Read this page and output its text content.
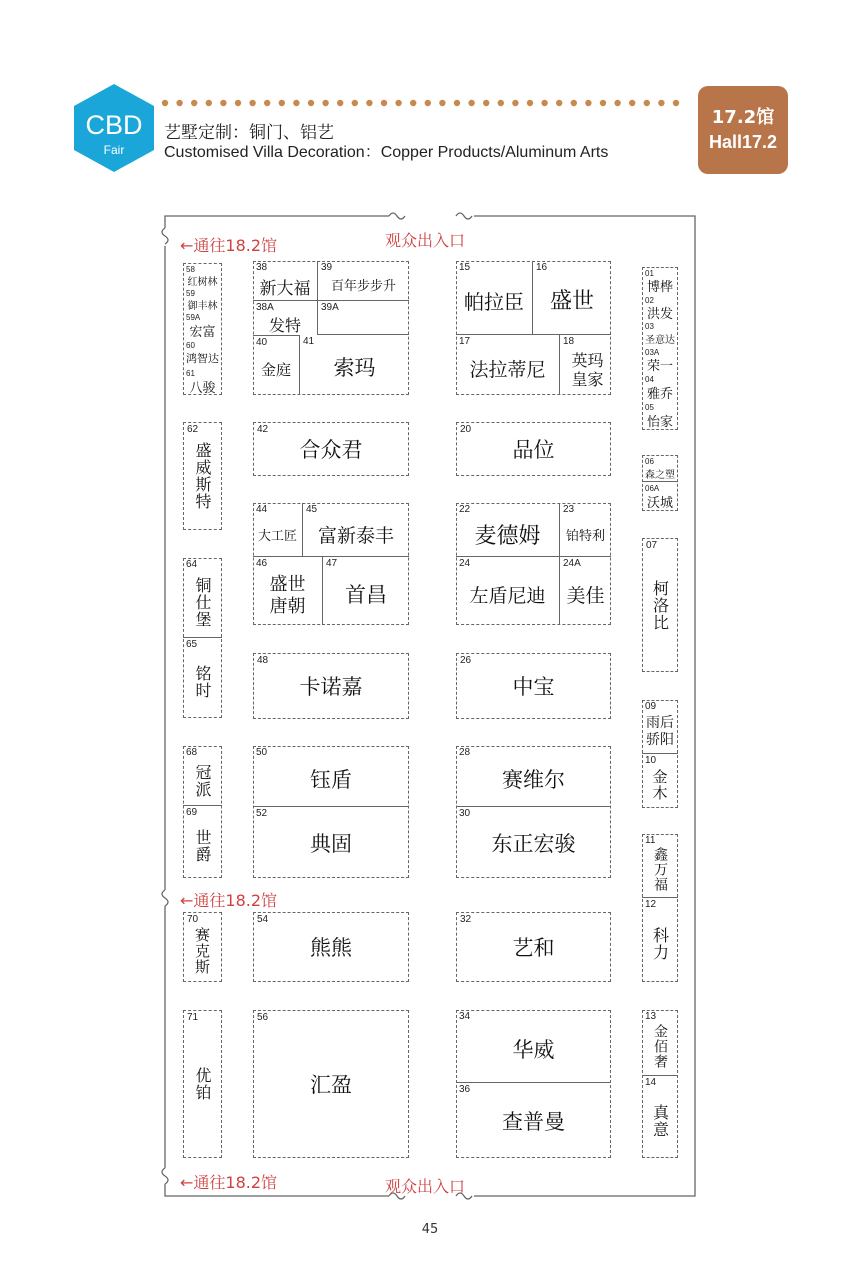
CBD
Fair
艺墅定制：铜门、铝艺
Customised Villa Decoration：Copper Products/Aluminum Arts
17.2馆
Hall17.2
观众出入口
观众出入口
←通往18.2馆
←通往18.2馆
←通往18.2馆
58
红树林
59
御丰林
59A
宏富
60
鸿智达
61
八骏
62
盛威斯特
64
铜仕堡
65
铭时
68
冠派
69
世爵
70
赛克斯
71
优铂
38
新大福
39
百年步步升
38A
发特
39A
40
金庭
41
索玛
42
合众君
44
大工匠
45
富新泰丰
46
盛世唐朝
47
首昌
48
卡诺嘉
50
钰盾
52
典固
54
熊熊
56
汇盈
15
帕拉臣
16
盛世
17
法拉蒂尼
18
英玛皇家
20
品位
22
麦德姆
23
铂特利
24
左盾尼迪
24A
美佳
26
中宝
28
赛维尔
30
东正宏骏
32
艺和
34
华威
36
查普曼
01
博桦
02
洪发
03
圣意达
03A
荣一
04
雅乔
05
怡家
06
森之塑
06A
沃城
07
柯洛比
09
雨后骄阳
10
金木
11
鑫万福
12
科力
13
金佰奢
14
真意
45
